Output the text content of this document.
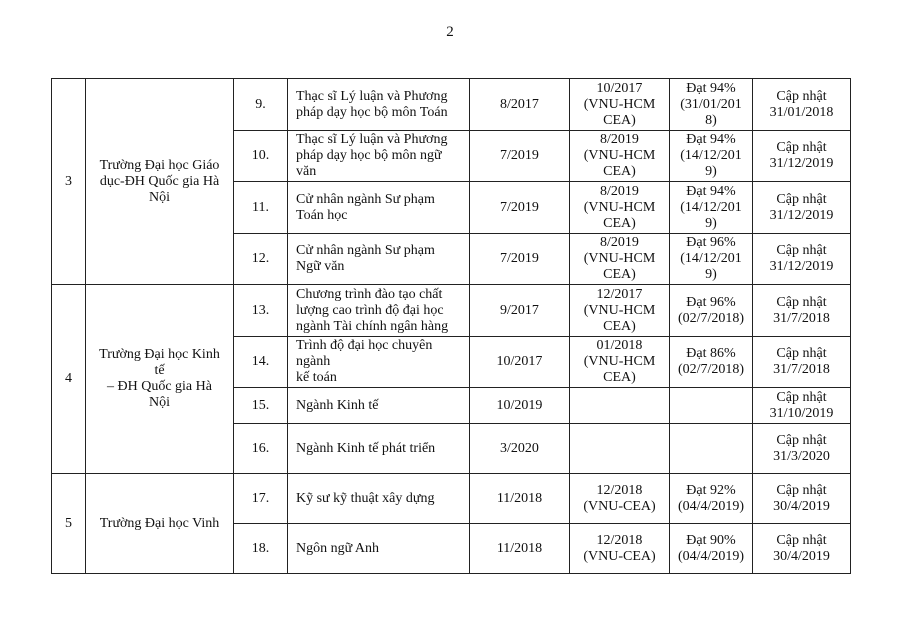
2
3	Trường Đại học Giáo
dục-ĐH Quốc gia Hà
Nội	9.	Thạc sĩ Lý luận và Phương
pháp dạy học bộ môn Toán	8/2017	10/2017
(VNU-HCM
CEA)	Đạt 94%
(31/01/201
8)	Cập nhật
31/01/2018

		10.	Thạc sĩ Lý luận và Phương
pháp dạy học bộ môn ngữ
văn	7/2019	8/2019
(VNU-HCM
CEA)	Đạt 94%
(14/12/201
9)	Cập nhật
31/12/2019

		11.	Cử nhân ngành Sư phạm
Toán học	7/2019	8/2019
(VNU-HCM
CEA)	Đạt 94%
(14/12/201
9)	Cập nhật
31/12/2019

		12.	Cử nhân ngành Sư phạm
Ngữ văn	7/2019	8/2019
(VNU-HCM
CEA)	Đạt 96%
(14/12/201
9)	Cập nhật
31/12/2019

4	Trường Đại học Kinh
tế
– ĐH Quốc gia Hà
Nội	13.	Chương trình đào tạo chất
lượng cao trình độ đại học
ngành Tài chính ngân hàng	9/2017	12/2017
(VNU-HCM
CEA)	Đạt 96%
(02/7/2018)	Cập nhật
31/7/2018

		14.	Trình độ đại học chuyên
ngành
kế toán	10/2017	01/2018
(VNU-HCM
CEA)	Đạt 86%
(02/7/2018)	Cập nhật
31/7/2018

		15.	Ngành Kinh tế	10/2019			Cập nhật
31/10/2019

		16.	Ngành Kinh tế phát triển	3/2020			Cập nhật
31/3/2020

5	Trường Đại học Vinh	17.	Kỹ sư kỹ thuật xây dựng	11/2018	12/2018
(VNU-CEA)	Đạt 92%
(04/4/2019)	Cập nhật
30/4/2019

		18.	Ngôn ngữ Anh	11/2018	12/2018
(VNU-CEA)	Đạt 90%
(04/4/2019)	Cập nhật
30/4/2019
